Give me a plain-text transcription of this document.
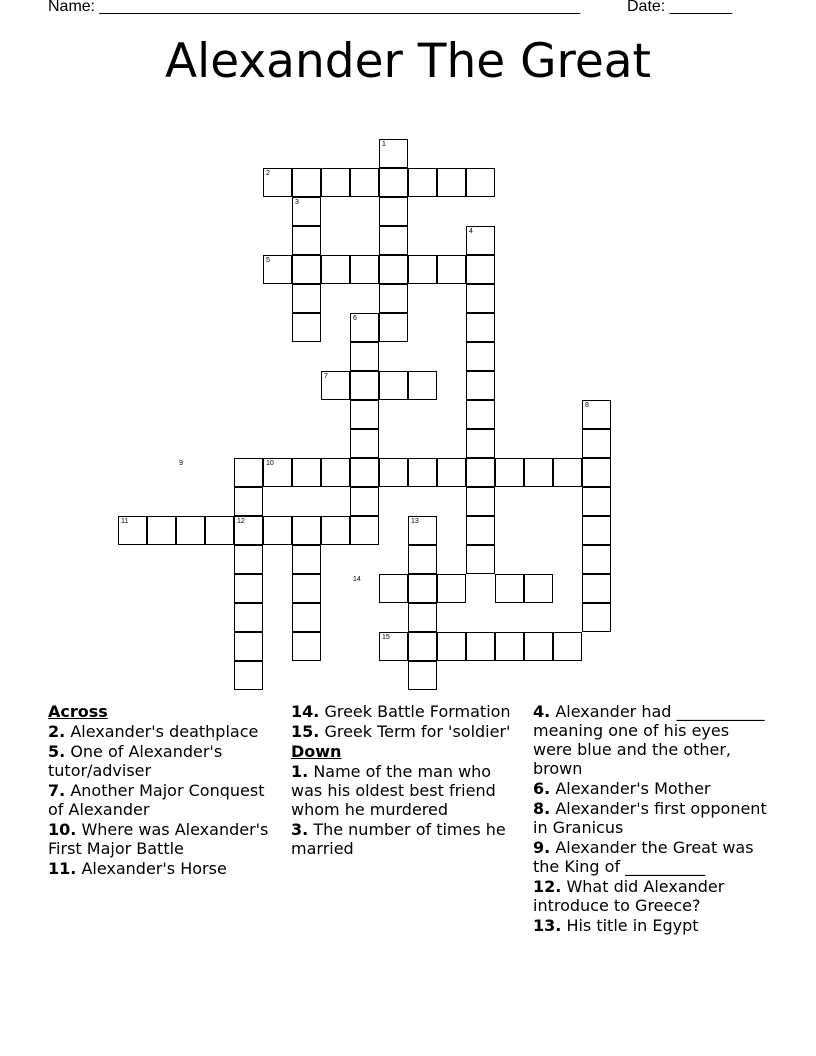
Name: ______________________________________________________	Date: _______
Alexander The Great
1
2
3
4
5
6
7
8
9	10
11	12	13
14
15

Across

2. Alexander's deathplace

5. One of Alexander's tutor/adviser

7. Another Major Conquest of Alexander

10. Where was Alexander's First Major Battle

11. Alexander's Horse

14. Greek Battle Formation

15. Greek Term for 'soldier'

Down

1. Name of the man who was his oldest best friend whom he murdered

3. The number of times he married

4. Alexander had ___________ meaning one of his eyes were blue and the other, brown

6. Alexander's Mother

8. Alexander's first opponent in Granicus

9. Alexander the Great was the King of __________

12. What did Alexander introduce to Greece?

13. His title in Egypt
